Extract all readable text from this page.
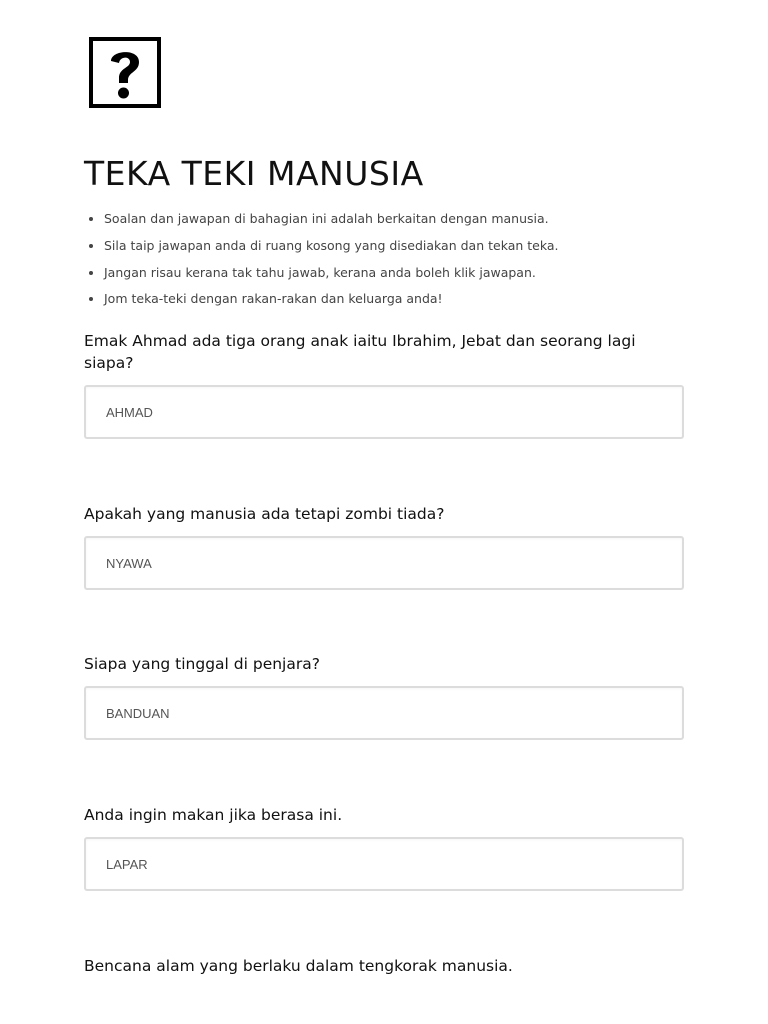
TEKA TEKI MANUSIA
• Soalan dan jawapan di bahagian ini adalah berkaitan dengan manusia.
• Sila taip jawapan anda di ruang kosong yang disediakan dan tekan teka.
• Jangan risau kerana tak tahu jawab, kerana anda boleh klik jawapan.
• Jom teka-teki dengan rakan-rakan dan keluarga anda!

Emak Ahmad ada tiga orang anak iaitu Ibrahim, Jebat dan seorang lagi siapa?

AHMAD

Apakah yang manusia ada tetapi zombi tiada?

NYAWA

Siapa yang tinggal di penjara?

BANDUAN

Anda ingin makan jika berasa ini.

LAPAR

Bencana alam yang berlaku dalam tengkorak manusia.
